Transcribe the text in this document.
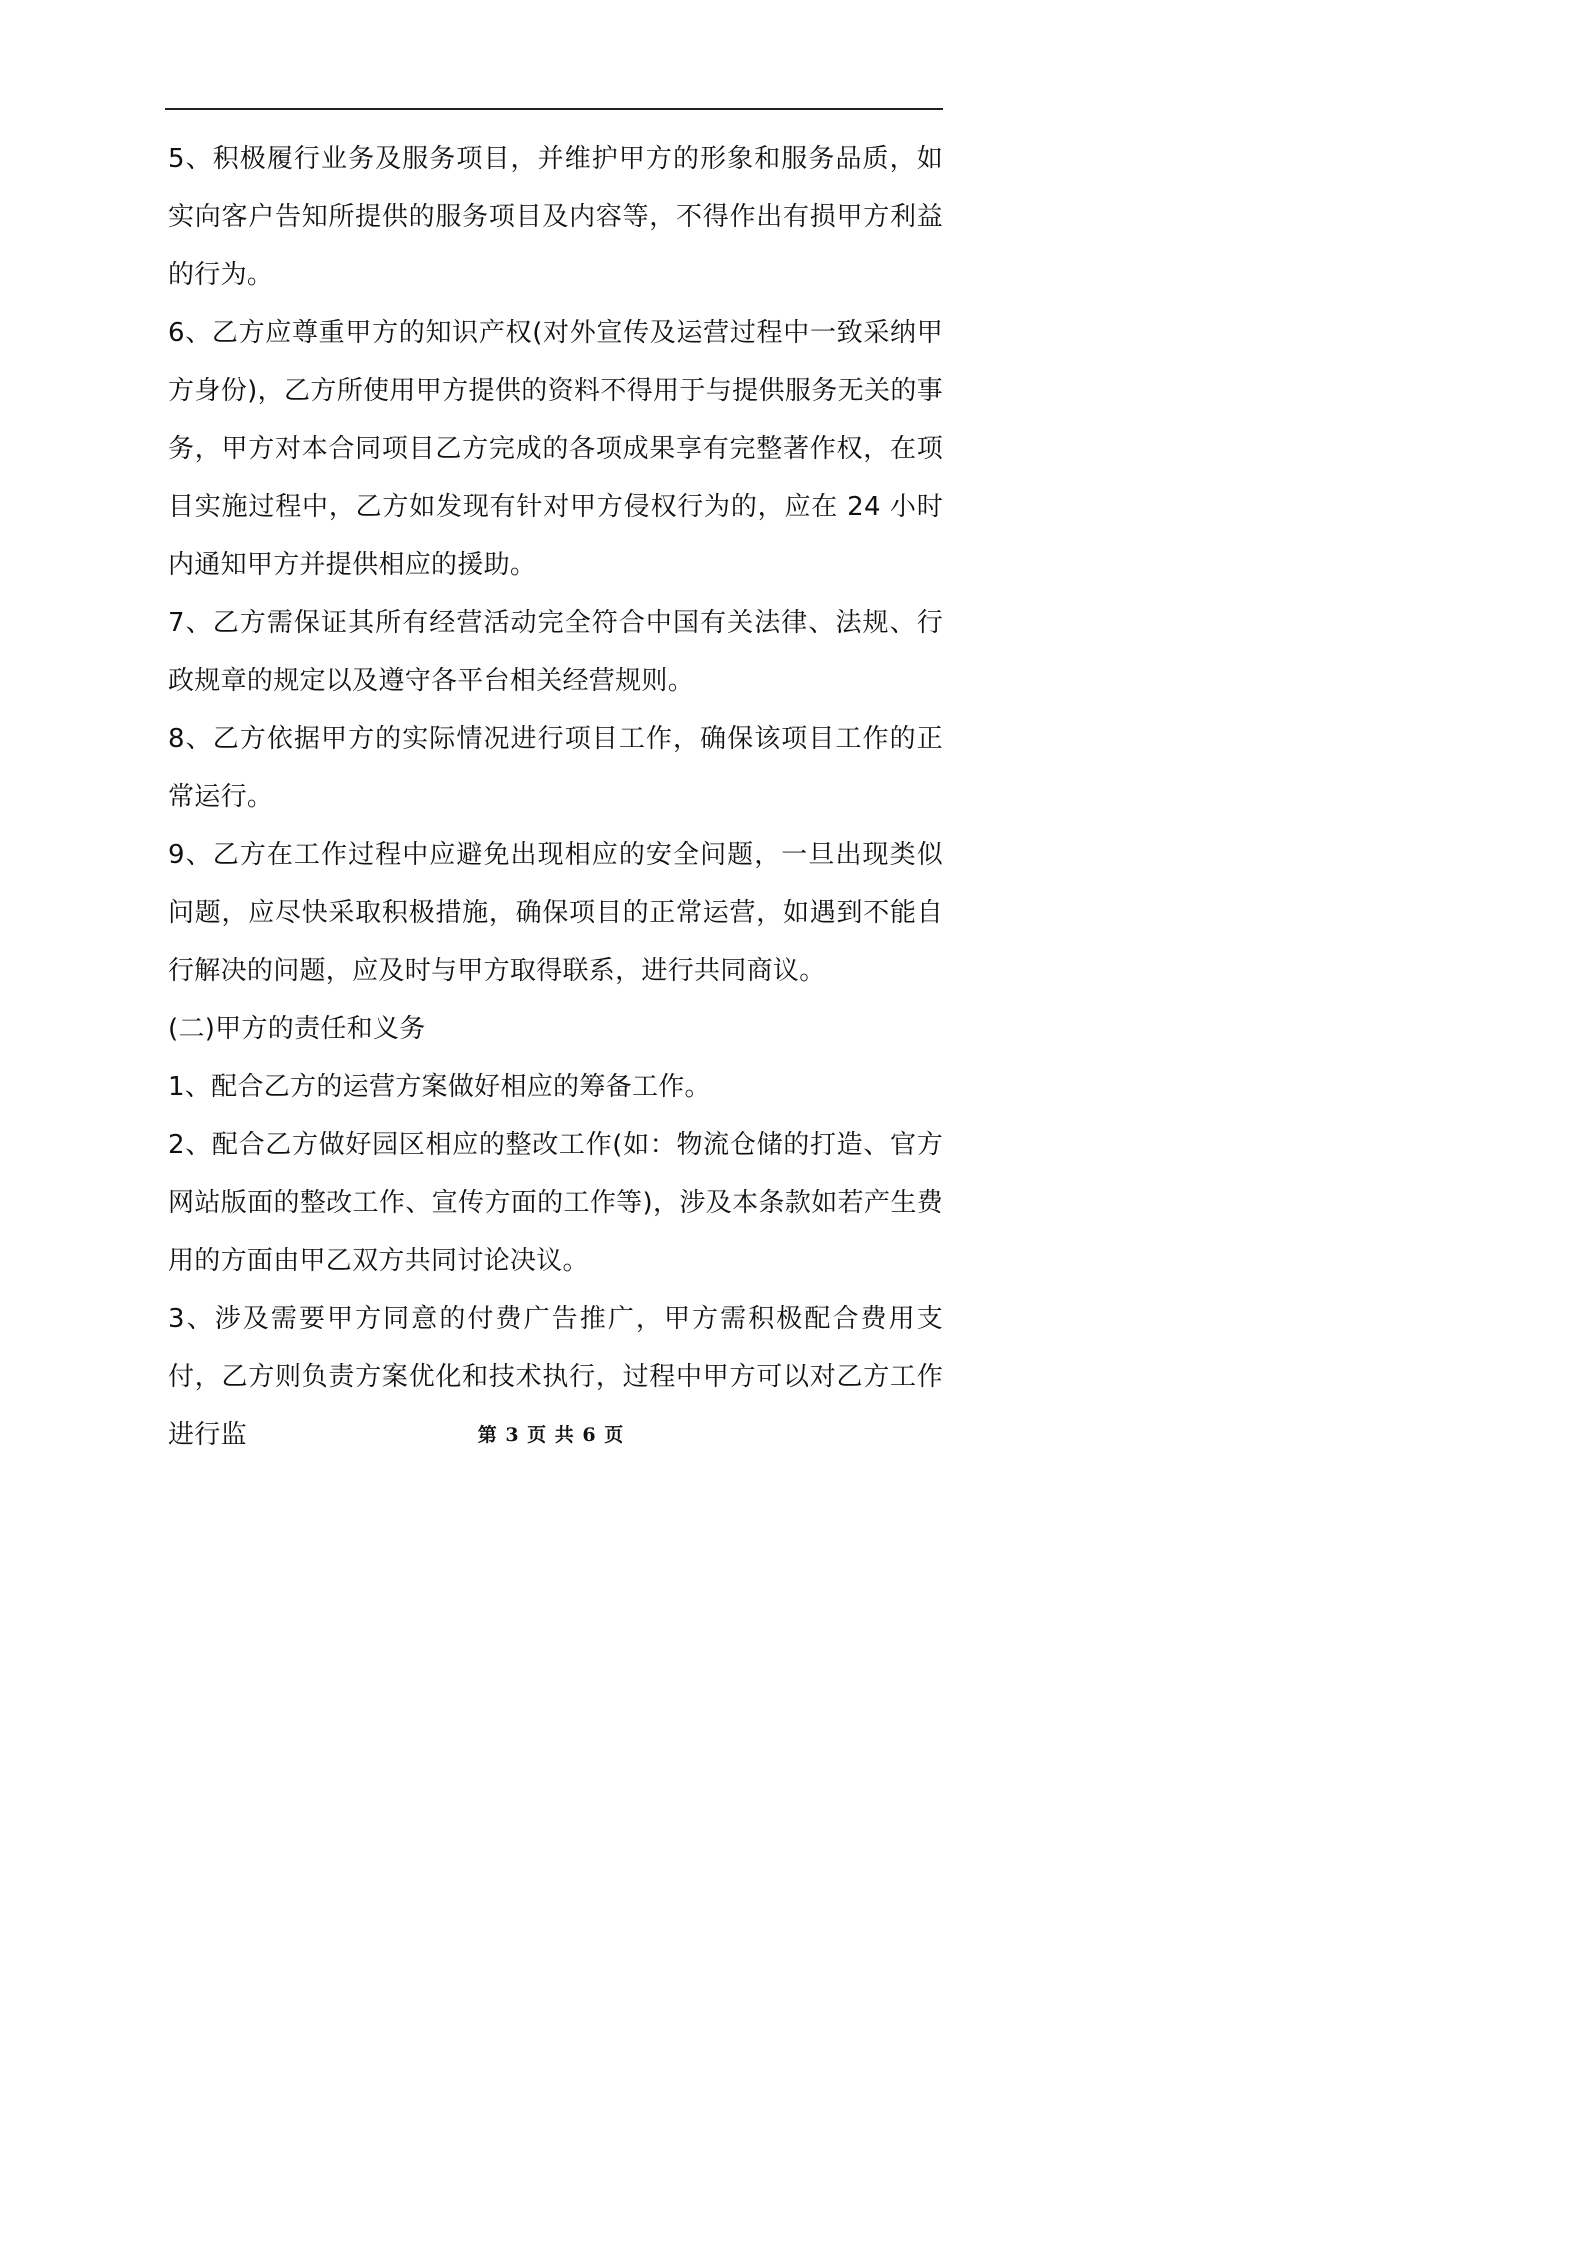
5、积极履行业务及服务项目，并维护甲方的形象和服务品质，如实向客户告知所提供的服务项目及内容等，不得作出有损甲方利益的行为。

6、乙方应尊重甲方的知识产权(对外宣传及运营过程中一致采纳甲方身份)，乙方所使用甲方提供的资料不得用于与提供服务无关的事务，甲方对本合同项目乙方完成的各项成果享有完整著作权，在项目实施过程中，乙方如发现有针对甲方侵权行为的，应在 24 小时内通知甲方并提供相应的援助。

7、乙方需保证其所有经营活动完全符合中国有关法律、法规、行政规章的规定以及遵守各平台相关经营规则。

8、乙方依据甲方的实际情况进行项目工作，确保该项目工作的正常运行。

9、乙方在工作过程中应避免出现相应的安全问题，一旦出现类似问题，应尽快采取积极措施，确保项目的正常运营，如遇到不能自行解决的问题，应及时与甲方取得联系，进行共同商议。

(二)甲方的责任和义务

1、配合乙方的运营方案做好相应的筹备工作。

2、配合乙方做好园区相应的整改工作(如：物流仓储的打造、官方网站版面的整改工作、宣传方面的工作等)，涉及本条款如若产生费用的方面由甲乙双方共同讨论决议。

3、涉及需要甲方同意的付费广告推广，甲方需积极配合费用支付，乙方则负责方案优化和技术执行，过程中甲方可以对乙方工作进行监	第 3 页 共 6 页
